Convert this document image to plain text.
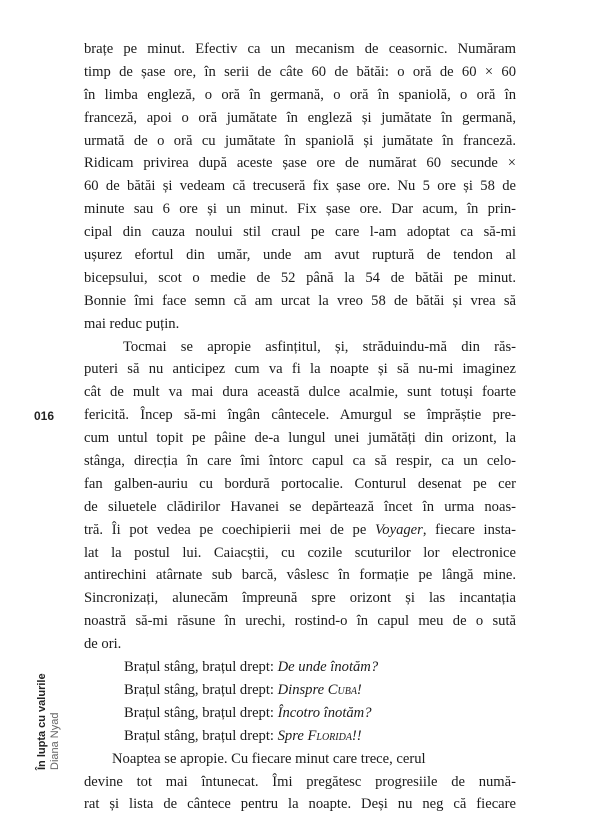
brațe pe minut. Efectiv ca un mecanism de ceasornic. Număram
timp de șase ore, în serii de câte 60 de bătăi: o oră de 60 × 60
în limba engleză, o oră în germană, o oră în spaniolă, o oră în
franceză, apoi o oră jumătate în engleză și jumătate în germană,
urmată de o oră cu jumătate în spaniolă și jumătate în franceză.
Ridicam privirea după aceste șase ore de numărat 60 secunde ×
60 de bătăi și vedeam că trecuseră fix șase ore. Nu 5 ore și 58 de
minute sau 6 ore și un minut. Fix șase ore. Dar acum, în prin-
cipal din cauza noului stil craul pe care l-am adoptat ca să-mi
ușurez efortul din umăr, unde am avut ruptură de tendon al
bicepsului, scot o medie de 52 până la 54 de bătăi pe minut.
Bonnie îmi face semn că am urcat la vreo 58 de bătăi și vrea să
mai reduc puțin.
Tocmai se apropie asfințitul, și, străduindu-mă din răs-
puteri să nu anticipez cum va fi la noapte și să nu-mi imaginez
cât de mult va mai dura această dulce acalmie, sunt totuși foarte
fericită. Încep să-mi îngân cântecele. Amurgul se împrăștie pre-
cum untul topit pe pâine de-a lungul unei jumătăți din orizont, la
stânga, direcția în care îmi întorc capul ca să respir, ca un celo-
fan galben-auriu cu bordură portocalie. Conturul desenat pe cer
de siluetele clădirilor Havanei se depărtează încet în urma noas-
tră. Îi pot vedea pe coechipierii mei de pe Voyager, fiecare insta-
lat la postul lui. Caiacștii, cu cozile scuturilor lor electronice
antirechini atârnate sub barcă, vâslesc în formație pe lângă mine.
Sincronizați, alunecăm împreună spre orizont și las incantația
noastră să-mi răsune în urechi, rostind-o în capul meu de o sută
de ori.
Brațul stâng, brațul drept: De unde înotăm?
Brațul stâng, brațul drept: Dinspre Cuba!
Brațul stâng, brațul drept: Încotro înotăm?
Brațul stâng, brațul drept: Spre Florida!!
Noaptea se apropie. Cu fiecare minut care trece, cerul
devine tot mai întunecat. Îmi pregătesc progresiile de numă-
rat și lista de cântece pentru la noapte. Deși nu neg că fiecare
016
În lupta cu valurile Diana Nyad
